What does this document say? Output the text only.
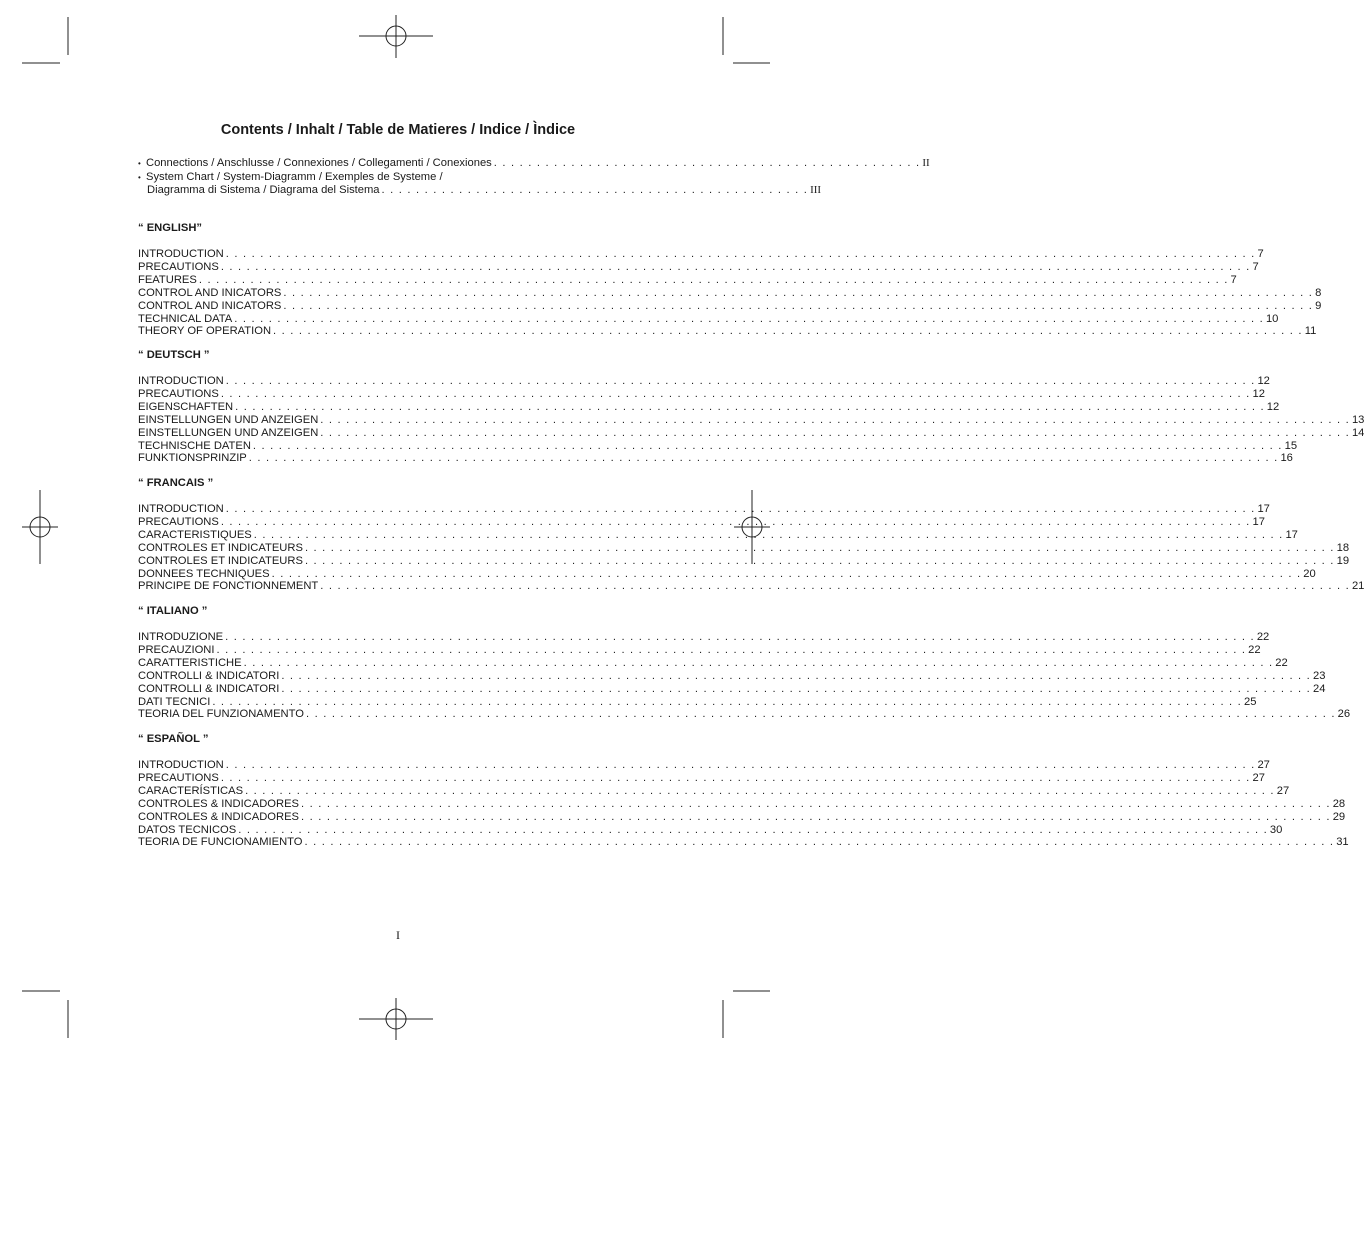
Contents / Inhalt / Table de Matieres / Indice / Ìndice
• Connections / Anschlusse / Connexiones / Collegamenti / Conexiones . . . . . . . . . . . . . . . . . . . . . . . . . . . . . . . . . . . . . . . . . . . . . . . . . . II
• System Chart / System-Diagramm / Exemples de Systeme /
Diagramma di Sistema / Diagrama del Sistema . . . . . . . . . . . . . . . . . . . . . . . . . . . . . . . . . . . . . . . . . . . . . . . . . . III
“ ENGLISH”
INTRODUCTION . . . . . . . . . . . . . . . . . . . . . . . . . . . . . . . . . . . . . . . . . . . . . . . . . . . . . . . . . . . . . . . . . . . . . . . . . . . . . . . . . . . . . . . . . . . . . . . . . . . . . . . . . . . . . . . . . . . . . . . . 7
PRECAUTIONS . . . . . . . . . . . . . . . . . . . . . . . . . . . . . . . . . . . . . . . . . . . . . . . . . . . . . . . . . . . . . . . . . . . . . . . . . . . . . . . . . . . . . . . . . . . . . . . . . . . . . . . . . . . . . . . . . . . . . . . . 7
FEATURES . . . . . . . . . . . . . . . . . . . . . . . . . . . . . . . . . . . . . . . . . . . . . . . . . . . . . . . . . . . . . . . . . . . . . . . . . . . . . . . . . . . . . . . . . . . . . . . . . . . . . . . . . . . . . . . . . . . . . . . . 7
CONTROL AND INICATORS . . . . . . . . . . . . . . . . . . . . . . . . . . . . . . . . . . . . . . . . . . . . . . . . . . . . . . . . . . . . . . . . . . . . . . . . . . . . . . . . . . . . . . . . . . . . . . . . . . . . . . . . . . . . . . . . . . . . . . . . 8
CONTROL AND INICATORS . . . . . . . . . . . . . . . . . . . . . . . . . . . . . . . . . . . . . . . . . . . . . . . . . . . . . . . . . . . . . . . . . . . . . . . . . . . . . . . . . . . . . . . . . . . . . . . . . . . . . . . . . . . . . . . . . . . . . . . . 9
TECHNICAL DATA . . . . . . . . . . . . . . . . . . . . . . . . . . . . . . . . . . . . . . . . . . . . . . . . . . . . . . . . . . . . . . . . . . . . . . . . . . . . . . . . . . . . . . . . . . . . . . . . . . . . . . . . . . . . . . . . . . . . . . . . 10
THEORY OF OPERATION . . . . . . . . . . . . . . . . . . . . . . . . . . . . . . . . . . . . . . . . . . . . . . . . . . . . . . . . . . . . . . . . . . . . . . . . . . . . . . . . . . . . . . . . . . . . . . . . . . . . . . . . . . . . . . . . . . . . . . . . 11
“ DEUTSCH ”
INTRODUCTION . . . . . . . . . . . . . . . . . . . . . . . . . . . . . . . . . . . . . . . . . . . . . . . . . . . . . . . . . . . . . . . . . . . . . . . . . . . . . . . . . . . . . . . . . . . . . . . . . . . . . . . . . . . . . . . . . . . . . . . . 12
PRECAUTIONS . . . . . . . . . . . . . . . . . . . . . . . . . . . . . . . . . . . . . . . . . . . . . . . . . . . . . . . . . . . . . . . . . . . . . . . . . . . . . . . . . . . . . . . . . . . . . . . . . . . . . . . . . . . . . . . . . . . . . . . . 12
EIGENSCHAFTEN . . . . . . . . . . . . . . . . . . . . . . . . . . . . . . . . . . . . . . . . . . . . . . . . . . . . . . . . . . . . . . . . . . . . . . . . . . . . . . . . . . . . . . . . . . . . . . . . . . . . . . . . . . . . . . . . . . . . . . . . 12
EINSTELLUNGEN UND ANZEIGEN . . . . . . . . . . . . . . . . . . . . . . . . . . . . . . . . . . . . . . . . . . . . . . . . . . . . . . . . . . . . . . . . . . . . . . . . . . . . . . . . . . . . . . . . . . . . . . . . . . . . . . . . . . . . . . . . . . . . . . . . 13
EINSTELLUNGEN UND ANZEIGEN . . . . . . . . . . . . . . . . . . . . . . . . . . . . . . . . . . . . . . . . . . . . . . . . . . . . . . . . . . . . . . . . . . . . . . . . . . . . . . . . . . . . . . . . . . . . . . . . . . . . . . . . . . . . . . . . . . . . . . . . 14
TECHNISCHE DATEN . . . . . . . . . . . . . . . . . . . . . . . . . . . . . . . . . . . . . . . . . . . . . . . . . . . . . . . . . . . . . . . . . . . . . . . . . . . . . . . . . . . . . . . . . . . . . . . . . . . . . . . . . . . . . . . . . . . . . . . . 15
FUNKTIONSPRINZIP . . . . . . . . . . . . . . . . . . . . . . . . . . . . . . . . . . . . . . . . . . . . . . . . . . . . . . . . . . . . . . . . . . . . . . . . . . . . . . . . . . . . . . . . . . . . . . . . . . . . . . . . . . . . . . . . . . . . . . . . 16
“ FRANCAIS ”
INTRODUCTION . . . . . . . . . . . . . . . . . . . . . . . . . . . . . . . . . . . . . . . . . . . . . . . . . . . . . . . . . . . . . . . . . . . . . . . . . . . . . . . . . . . . . . . . . . . . . . . . . . . . . . . . . . . . . . . . . . . . . . . . 17
PRECAUTIONS . . . . . . . . . . . . . . . . . . . . . . . . . . . . . . . . . . . . . . . . . . . . . . . . . . . . . . . . . . . . . . . . . . . . . . . . . . . . . . . . . . . . . . . . . . . . . . . . . . . . . . . . . . . . . . . . . . . . . . . . 17
CARACTERISTIQUES . . . . . . . . . . . . . . . . . . . . . . . . . . . . . . . . . . . . . . . . . . . . . . . . . . . . . . . . . . . . . . . . . . . . . . . . . . . . . . . . . . . . . . . . . . . . . . . . . . . . . . . . . . . . . . . . . . . . . . . . 17
CONTROLES ET INDICATEURS . . . . . . . . . . . . . . . . . . . . . . . . . . . . . . . . . . . . . . . . . . . . . . . . . . . . . . . . . . . . . . . . . . . . . . . . . . . . . . . . . . . . . . . . . . . . . . . . . . . . . . . . . . . . . . . . . . . . . . . . 18
CONTROLES ET INDICATEURS . . . . . . . . . . . . . . . . . . . . . . . . . . . . . . . . . . . . . . . . . . . . . . . . . . . . . . . . . . . . . . . . . . . . . . . . . . . . . . . . . . . . . . . . . . . . . . . . . . . . . . . . . . . . . . . . . . . . . . . . 19
DONNEES TECHNIQUES . . . . . . . . . . . . . . . . . . . . . . . . . . . . . . . . . . . . . . . . . . . . . . . . . . . . . . . . . . . . . . . . . . . . . . . . . . . . . . . . . . . . . . . . . . . . . . . . . . . . . . . . . . . . . . . . . . . . . . . . 20
PRINCIPE DE FONCTIONNEMENT . . . . . . . . . . . . . . . . . . . . . . . . . . . . . . . . . . . . . . . . . . . . . . . . . . . . . . . . . . . . . . . . . . . . . . . . . . . . . . . . . . . . . . . . . . . . . . . . . . . . . . . . . . . . . . . . . . . . . . . . 21
“ ITALIANO ”
INTRODUZIONE . . . . . . . . . . . . . . . . . . . . . . . . . . . . . . . . . . . . . . . . . . . . . . . . . . . . . . . . . . . . . . . . . . . . . . . . . . . . . . . . . . . . . . . . . . . . . . . . . . . . . . . . . . . . . . . . . . . . . . . . 22
PRECAUZIONI . . . . . . . . . . . . . . . . . . . . . . . . . . . . . . . . . . . . . . . . . . . . . . . . . . . . . . . . . . . . . . . . . . . . . . . . . . . . . . . . . . . . . . . . . . . . . . . . . . . . . . . . . . . . . . . . . . . . . . . . 22
CARATTERISTICHE . . . . . . . . . . . . . . . . . . . . . . . . . . . . . . . . . . . . . . . . . . . . . . . . . . . . . . . . . . . . . . . . . . . . . . . . . . . . . . . . . . . . . . . . . . . . . . . . . . . . . . . . . . . . . . . . . . . . . . . . 22
CONTROLLI & INDICATORI . . . . . . . . . . . . . . . . . . . . . . . . . . . . . . . . . . . . . . . . . . . . . . . . . . . . . . . . . . . . . . . . . . . . . . . . . . . . . . . . . . . . . . . . . . . . . . . . . . . . . . . . . . . . . . . . . . . . . . . . 23
CONTROLLI & INDICATORI . . . . . . . . . . . . . . . . . . . . . . . . . . . . . . . . . . . . . . . . . . . . . . . . . . . . . . . . . . . . . . . . . . . . . . . . . . . . . . . . . . . . . . . . . . . . . . . . . . . . . . . . . . . . . . . . . . . . . . . . 24
DATI TECNICI . . . . . . . . . . . . . . . . . . . . . . . . . . . . . . . . . . . . . . . . . . . . . . . . . . . . . . . . . . . . . . . . . . . . . . . . . . . . . . . . . . . . . . . . . . . . . . . . . . . . . . . . . . . . . . . . . . . . . . . . 25
TEORIA DEL FUNZIONAMENTO . . . . . . . . . . . . . . . . . . . . . . . . . . . . . . . . . . . . . . . . . . . . . . . . . . . . . . . . . . . . . . . . . . . . . . . . . . . . . . . . . . . . . . . . . . . . . . . . . . . . . . . . . . . . . . . . . . . . . . . . 26
“ ESPAÑOL ”
INTRODUCTION . . . . . . . . . . . . . . . . . . . . . . . . . . . . . . . . . . . . . . . . . . . . . . . . . . . . . . . . . . . . . . . . . . . . . . . . . . . . . . . . . . . . . . . . . . . . . . . . . . . . . . . . . . . . . . . . . . . . . . . . 27
PRECAUTIONS . . . . . . . . . . . . . . . . . . . . . . . . . . . . . . . . . . . . . . . . . . . . . . . . . . . . . . . . . . . . . . . . . . . . . . . . . . . . . . . . . . . . . . . . . . . . . . . . . . . . . . . . . . . . . . . . . . . . . . . . 27
CARACTERÍSTICAS . . . . . . . . . . . . . . . . . . . . . . . . . . . . . . . . . . . . . . . . . . . . . . . . . . . . . . . . . . . . . . . . . . . . . . . . . . . . . . . . . . . . . . . . . . . . . . . . . . . . . . . . . . . . . . . . . . . . . . . . 27
CONTROLES & INDICADORES . . . . . . . . . . . . . . . . . . . . . . . . . . . . . . . . . . . . . . . . . . . . . . . . . . . . . . . . . . . . . . . . . . . . . . . . . . . . . . . . . . . . . . . . . . . . . . . . . . . . . . . . . . . . . . . . . . . . . . . . 28
CONTROLES & INDICADORES . . . . . . . . . . . . . . . . . . . . . . . . . . . . . . . . . . . . . . . . . . . . . . . . . . . . . . . . . . . . . . . . . . . . . . . . . . . . . . . . . . . . . . . . . . . . . . . . . . . . . . . . . . . . . . . . . . . . . . . . 29
DATOS TECNICOS . . . . . . . . . . . . . . . . . . . . . . . . . . . . . . . . . . . . . . . . . . . . . . . . . . . . . . . . . . . . . . . . . . . . . . . . . . . . . . . . . . . . . . . . . . . . . . . . . . . . . . . . . . . . . . . . . . . . . . . . 30
TEORIA DE FUNCIONAMIENTO . . . . . . . . . . . . . . . . . . . . . . . . . . . . . . . . . . . . . . . . . . . . . . . . . . . . . . . . . . . . . . . . . . . . . . . . . . . . . . . . . . . . . . . . . . . . . . . . . . . . . . . . . . . . . . . . . . . . . . . . 31
I
